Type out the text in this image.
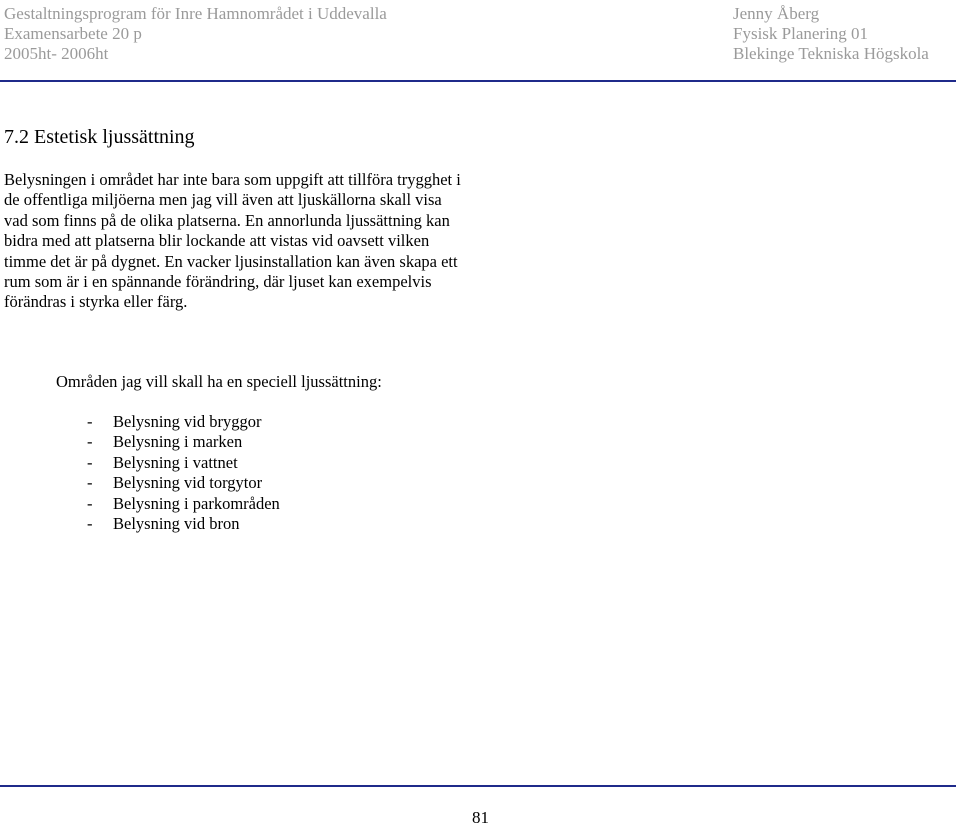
Gestaltningsprogram för Inre Hamnområdet i Uddevalla
Examensarbete 20 p
2005ht- 2006ht
Jenny Åberg
Fysisk Planering 01
Blekinge Tekniska Högskola
7.2 Estetisk ljussättning

Belysningen i området har inte bara som uppgift att tillföra trygghet i de offentliga miljöerna men jag vill även att ljuskällorna skall visa vad som finns på de olika platserna. En annorlunda ljussättning kan bidra med att platserna blir lockande att vistas vid oavsett vilken timme det är på dygnet. En vacker ljusinstallation kan även skapa ett rum som är i en spännande förändring, där ljuset kan exempelvis förändras i styrka eller färg.

Områden jag vill skall ha en speciell ljussättning:

-	Belysning vid bryggor
-	Belysning i marken
-	Belysning i vattnet
-	Belysning vid torgytor
-	Belysning i parkområden
-	Belysning vid bron
81
